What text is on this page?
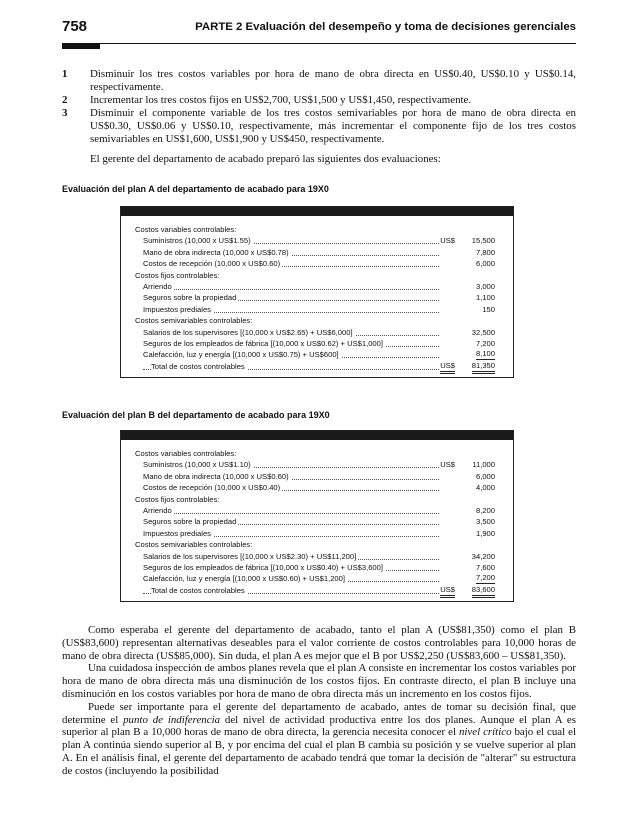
758	PARTE 2 Evaluación del desempeño y toma de decisiones gerenciales
1 Disminuir los tres costos variables por hora de mano de obra directa en US$0.40, US$0.10 y US$0.14, respectivamente.
2 Incrementar los tres costos fijos en US$2,700, US$1,500 y US$1,450, respectivamente.
3 Disminuir el componente variable de los tres costos semivariables por hora de mano de obra directa en US$0.30, US$0.06 y US$0.10, respectivamente, más incrementar el componente fijo de los tres costos semivariables en US$1,600, US$1,900 y US$450, respectivamente.
El gerente del departamento de acabado preparó las siguientes dos evaluaciones:
Evaluación del plan A del departamento de acabado para 19X0
Costos variables controlables:
Suministros (10,000 x US$1.55)	US$ 15,500
Mano de obra indirecta (10,000 x US$0.78)	7,800
Costos de recepción (10,000 x US$0.60)	6,000
Costos fijos controlables:
Arriendo	3,000
Seguros sobre la propiedad	1,100
Impuestos prediales	150
Costos semivariables controlables:
Salarios de los supervisores [(10,000 x US$2.65) + US$6,000]	32,500
Seguros de los empleados de fábrica [(10,000 x US$0.62) + US$1,000]	7,200
Calefacción, luz y energía [(10,000 x US$0.75) + US$600]	8,100
Total de costos controlables	US$ 81,350
Evaluación del plan B del departamento de acabado para 19X0
Costos variables controlables:
Suministros (10,000 x US$1.10)	US$ 11,000
Mano de obra indirecta (10,000 x US$0.60)	6,000
Costos de recepción (10,000 x US$0.40)	4,000
Costos fijos controlables:
Arriendo	8,200
Seguros sobre la propiedad	3,500
Impuestos prediales	1,900
Costos semivariables controlables:
Salarios de los supervisores [(10,000 x US$2.30) + US$11,200]	34,200
Seguros de los empleados de fábrica [(10,000 x US$0.40) + US$3,600]	7,600
Calefacción, luz y energía [(10,000 x US$0.60) + US$1,200]	7,200
Total de costos controlables	US$ 83,600

Como esperaba el gerente del departamento de acabado, tanto el plan A (US$81,350) como el plan B (US$83,600) representan alternativas deseables para el valor corriente de costos controlables para 10,000 horas de mano de obra directa (US$85,000). Sin duda, el plan A es mejor que el B por US$2,250 (US$83,600 – US$81,350).

Una cuidadosa inspección de ambos planes revela que el plan A consiste en incrementar los costos variables por hora de mano de obra directa más una disminución de los costos fijos. En contraste directo, el plan B incluye una disminución en los costos variables por hora de mano de obra directa más un incremento en los costos fijos.

Puede ser importante para el gerente del departamento de acabado, antes de tomar su decisión final, que determine el punto de indiferencia del nivel de actividad productiva entre los dos planes. Aunque el plan A es superior al plan B a 10,000 horas de mano de obra directa, la gerencia necesita conocer el nivel crítico bajo el cual el plan A continúa siendo superior al B, y por encima del cual el plan B cambia su posición y se vuelve superior al plan A. En el análisis final, el gerente del departamento de acabado tendrá que tomar la decisión de "alterar" su estructura de costos (incluyendo la posibilidad
